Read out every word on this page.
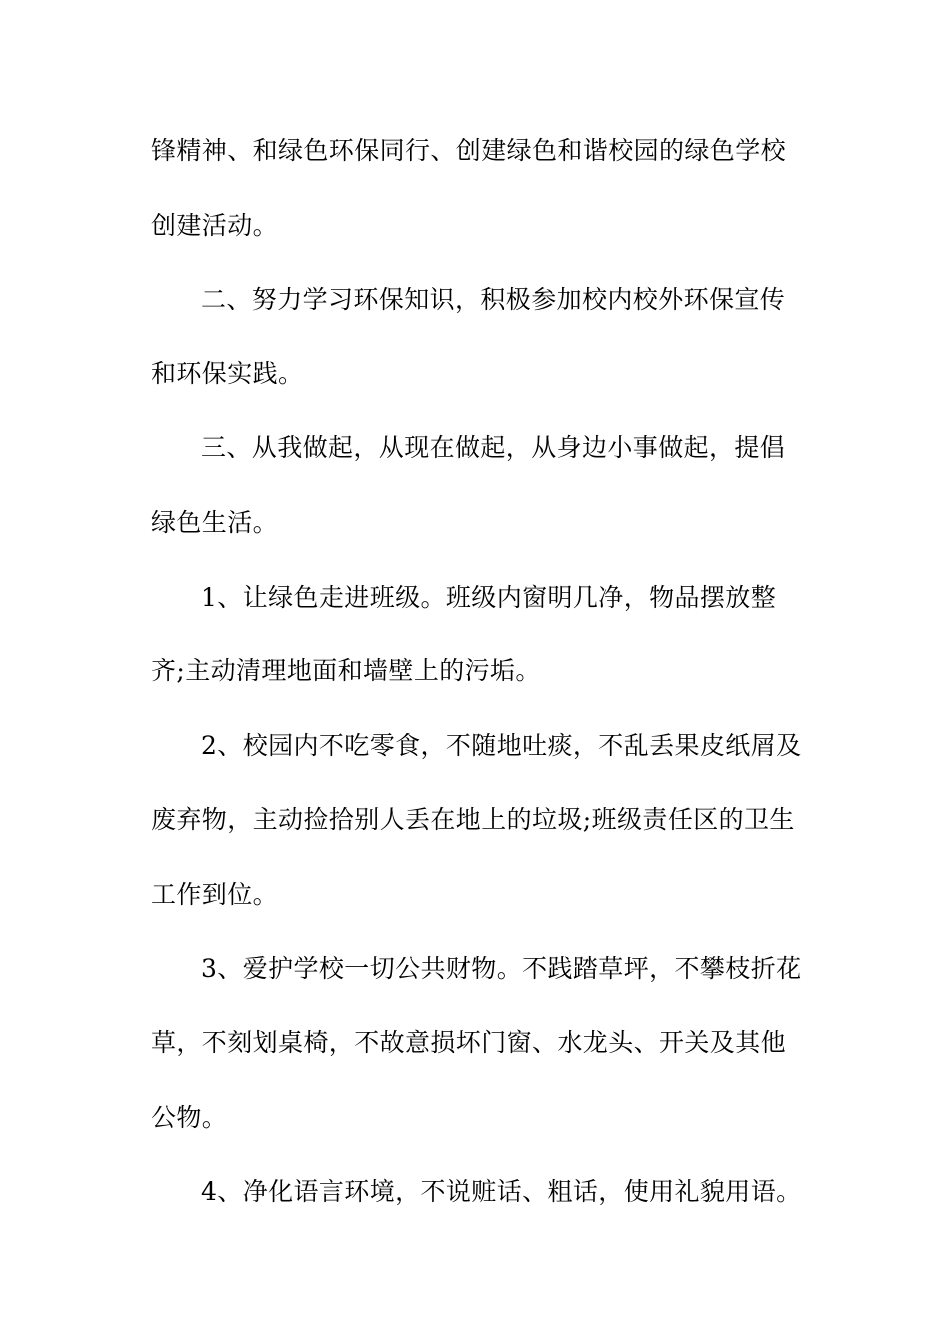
锋精神、和绿色环保同行、创建绿色和谐校园的绿色学校
创建活动。
二、努力学习环保知识，积极参加校内校外环保宣传
和环保实践。
三、从我做起，从现在做起，从身边小事做起，提倡
绿色生活。
1、让绿色走进班级。班级内窗明几净，物品摆放整
齐;主动清理地面和墙壁上的污垢。
2、校园内不吃零食，不随地吐痰，不乱丢果皮纸屑及
废弃物，主动捡拾别人丢在地上的垃圾;班级责任区的卫生
工作到位。
3、爱护学校一切公共财物。不践踏草坪，不攀枝折花
草，不刻划桌椅，不故意损坏门窗、水龙头、开关及其他
公物。
4、净化语言环境，不说赃话、粗话，使用礼貌用语。
